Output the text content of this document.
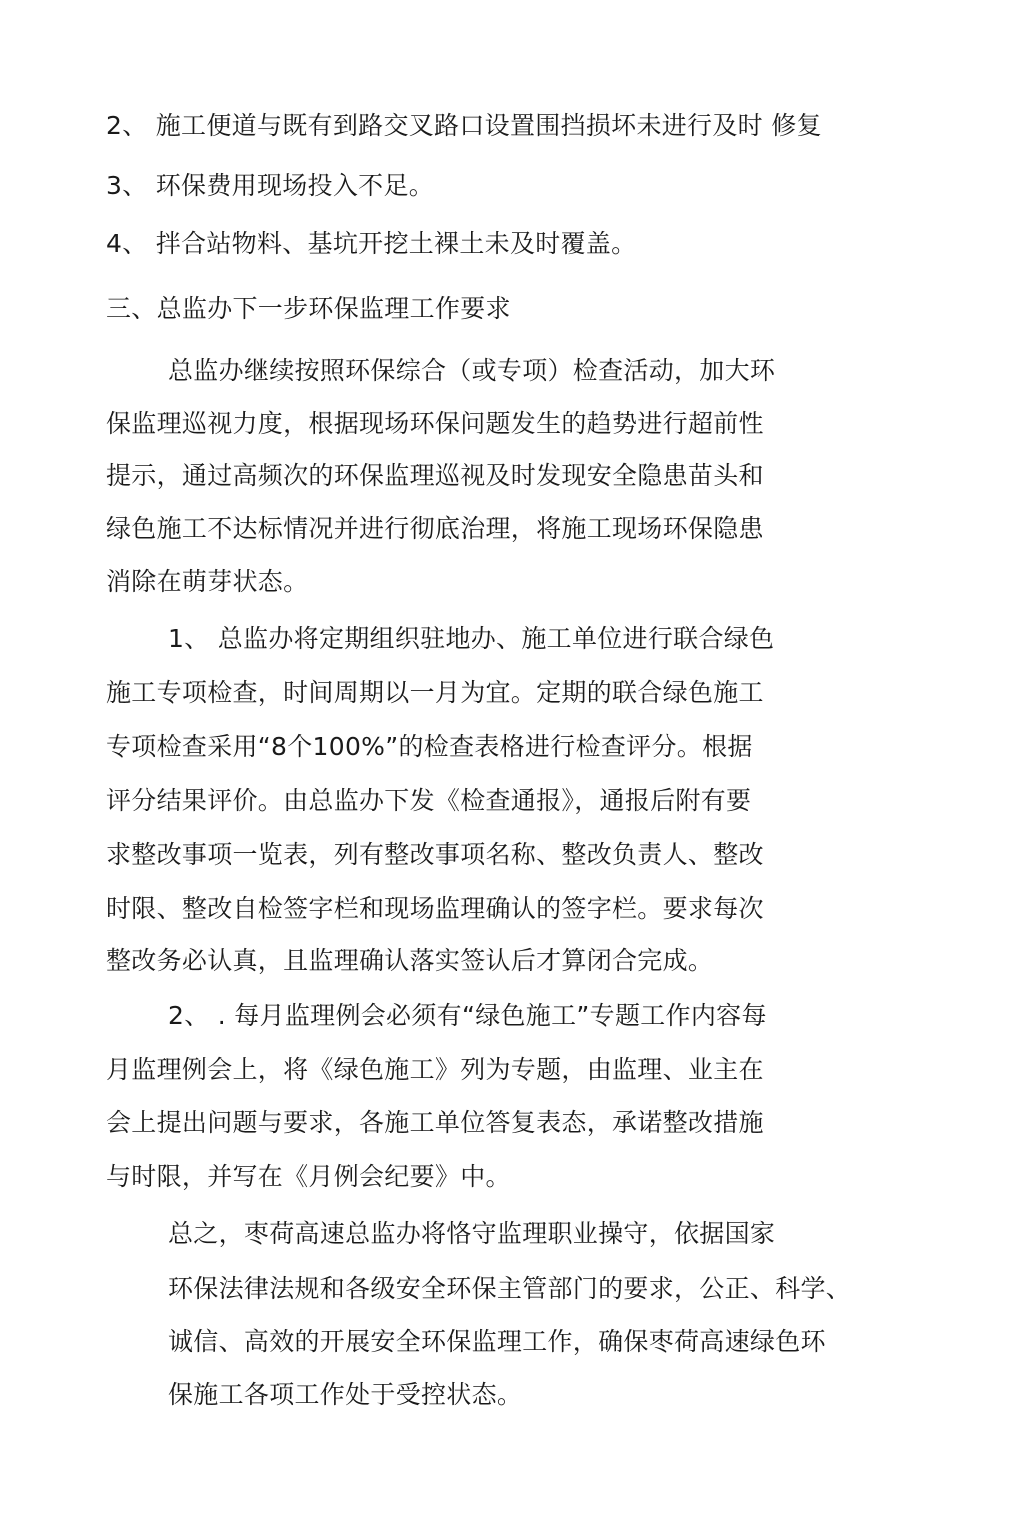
2、 施工便道与既有到路交叉路口设置围挡损坏未进行及时 修复
3、 环保费用现场投入不足。
4、 拌合站物料、基坑开挖土裸土未及时覆盖。
三、总监办下一步环保监理工作要求
总监办继续按照环保综合（或专项）检查活动，加大环
保监理巡视力度，根据现场环保问题发生的趋势进行超前性
提示，通过高频次的环保监理巡视及时发现安全隐患苗头和
绿色施工不达标情况并进行彻底治理，将施工现场环保隐患
消除在萌芽状态。
1、 总监办将定期组织驻地办、施工单位进行联合绿色
施工专项检查，时间周期以一月为宜。定期的联合绿色施工
专项检查采用“8个100%”的检查表格进行检查评分。根据
评分结果评价。由总监办下发《检查通报》，通报后附有要
求整改事项一览表，列有整改事项名称、整改负责人、整改
时限、整改自检签字栏和现场监理确认的签字栏。要求每次
整改务必认真，且监理确认落实签认后才算闭合完成。
2、 . 每月监理例会必须有“绿色施工”专题工作内容每
月监理例会上，将《绿色施工》列为专题，由监理、业主在
会上提出问题与要求，各施工单位答复表态，承诺整改措施
与时限，并写在《月例会纪要》中。
总之，枣荷高速总监办将恪守监理职业操守，依据国家
环保法律法规和各级安全环保主管部门的要求，公正、科学、
诚信、高效的开展安全环保监理工作，确保枣荷高速绿色环
保施工各项工作处于受控状态。
